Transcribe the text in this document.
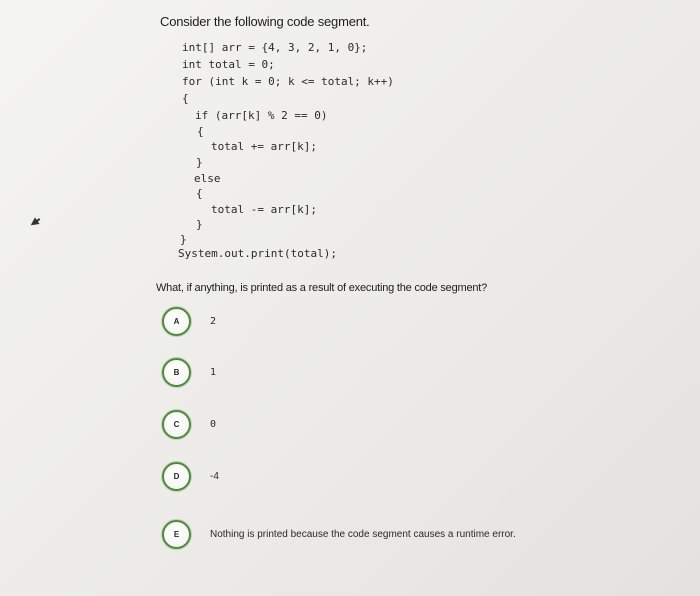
Consider the following code segment.
int[] arr = {4, 3, 2, 1, 0};
int total = 0;
for (int k = 0; k <= total; k++)
{
if (arr[k] % 2 == 0)
{
total += arr[k];
}
else
{
total -= arr[k];
}
}
System.out.print(total);
What, if anything, is printed as a result of executing the code segment?
A	2
B	1
C	0
D	-4
E	Nothing is printed because the code segment causes a runtime error.
